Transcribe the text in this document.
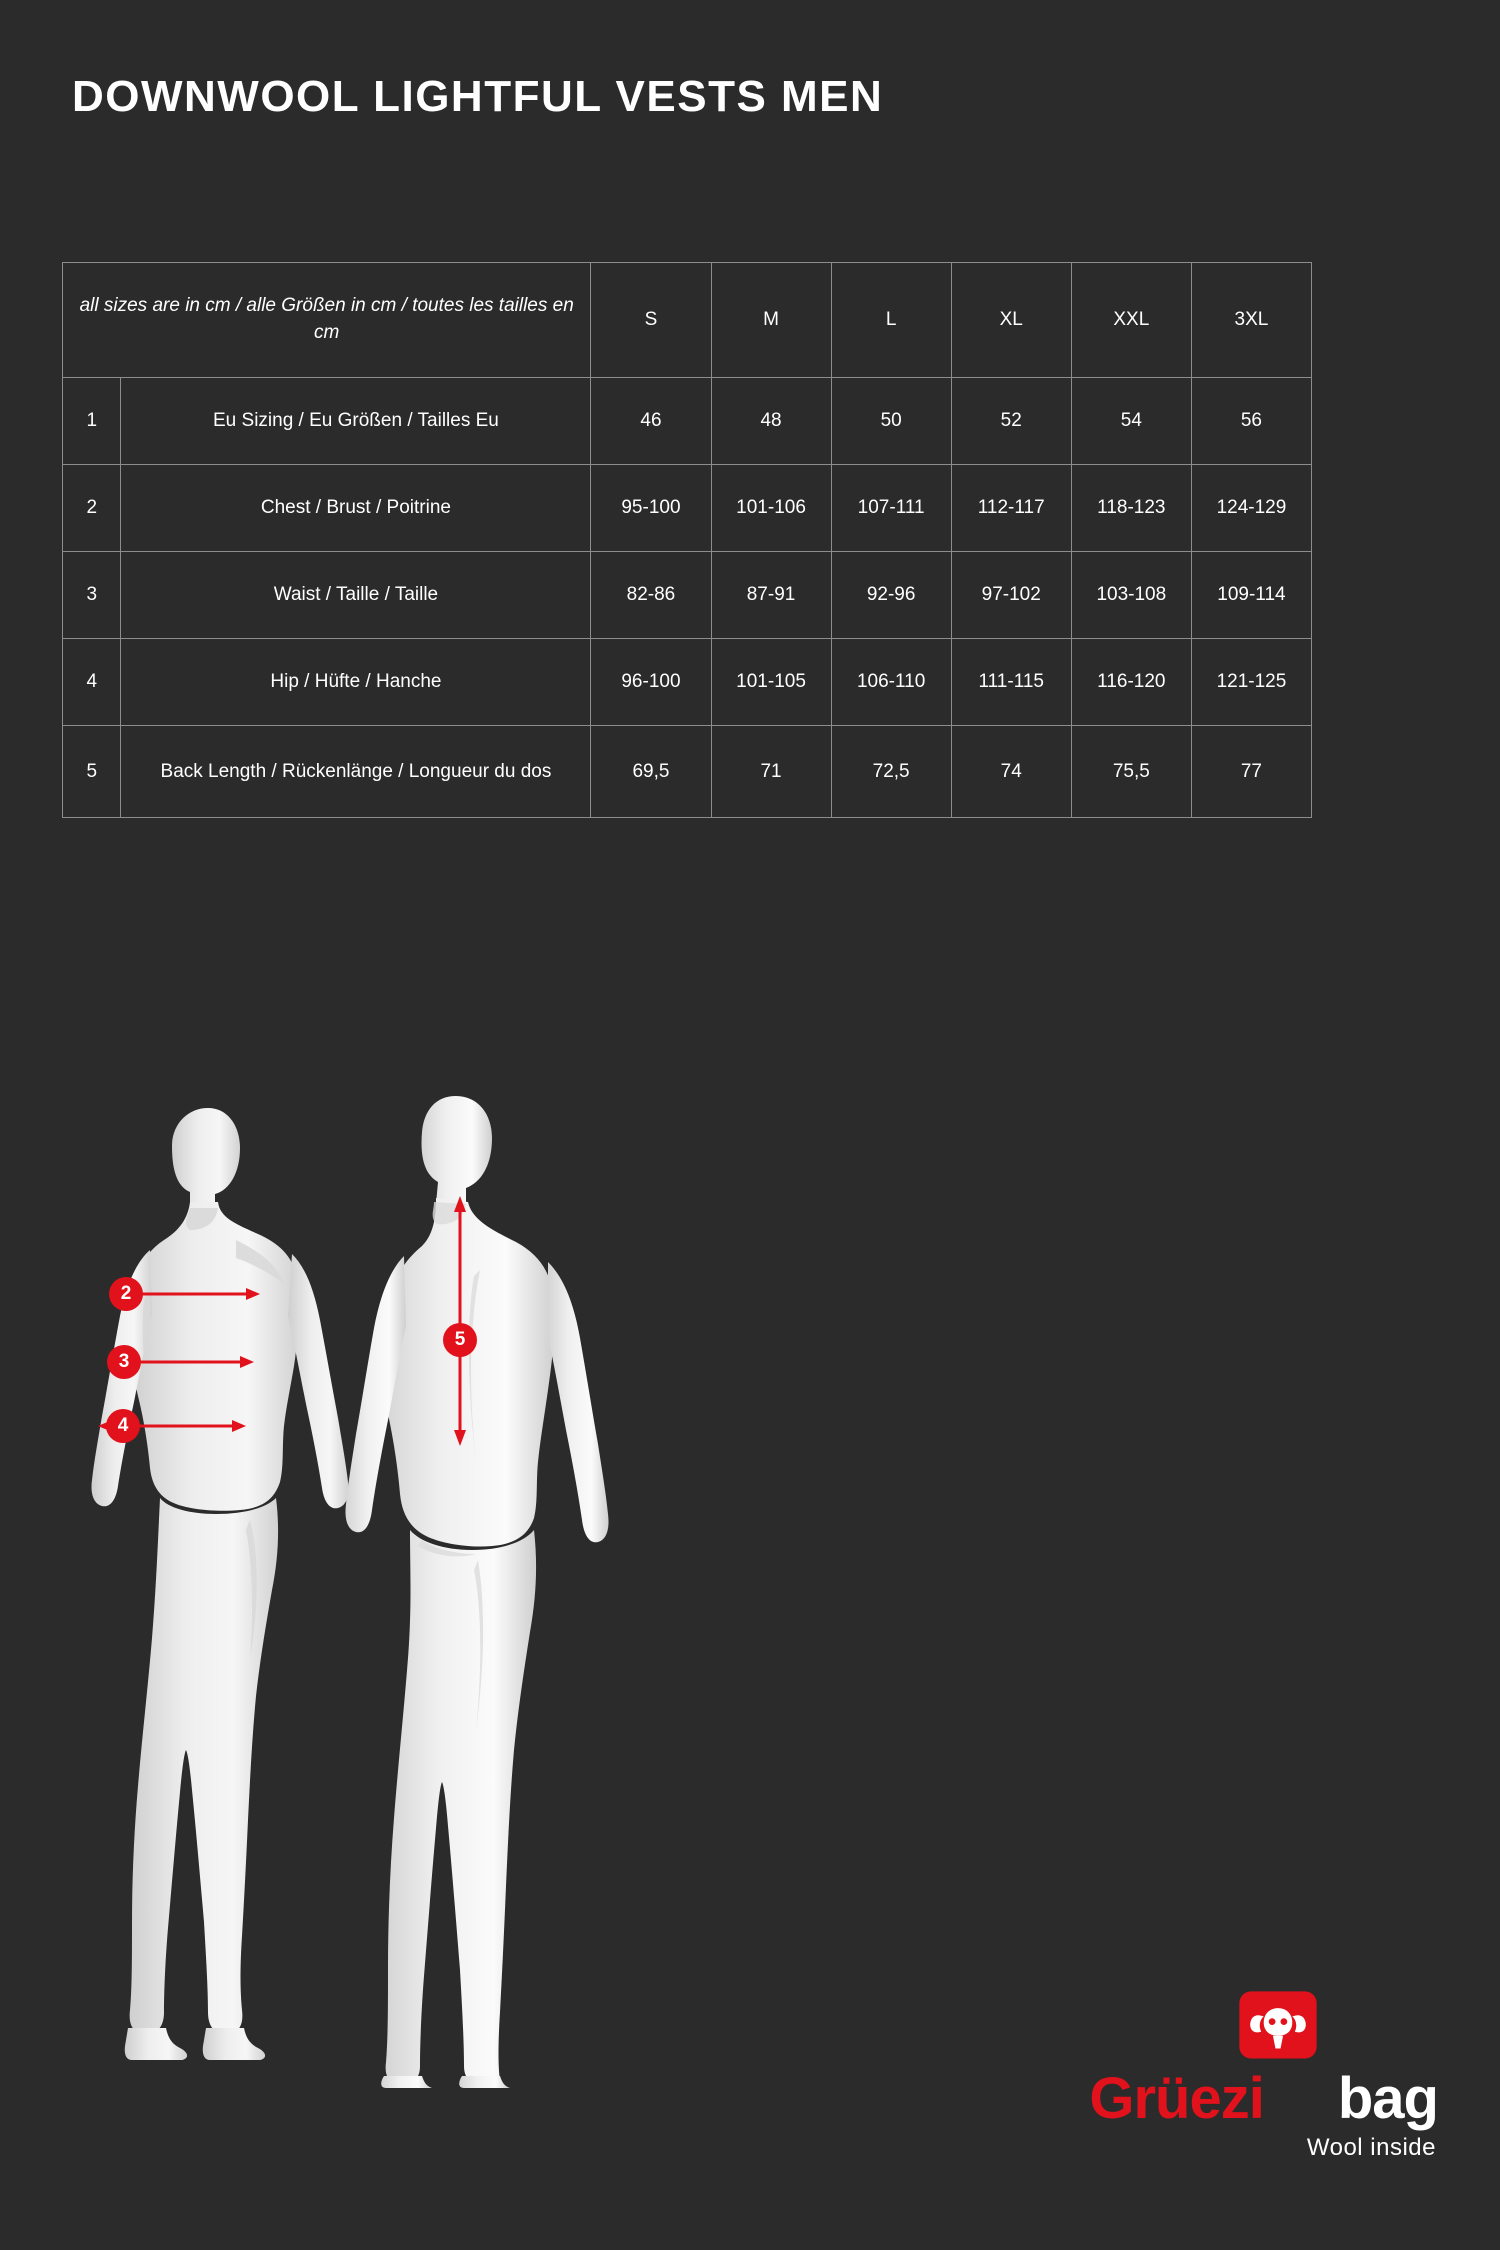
DOWNWOOL LIGHTFUL VESTS MEN
all sizes are in cm / alle Größen in cm / toutes les tailles en cm		S	M	L	XL	XXL	3XL
1	Eu Sizing / Eu Größen / Tailles Eu	46	48	50	52	54	56
2	Chest / Brust / Poitrine	95-100	101-106	107-111	112-117	118-123	124-129
3	Waist / Taille / Taille	82-86	87-91	92-96	97-102	103-108	109-114
4	Hip / Hüfte / Hanche	96-100	101-105	106-110	111-115	116-120	121-125
5	Back Length / Rückenlänge / Longueur du dos	69,5	71	72,5	74	75,5	77
2
3
4
5
Grüezi bag
Wool inside
